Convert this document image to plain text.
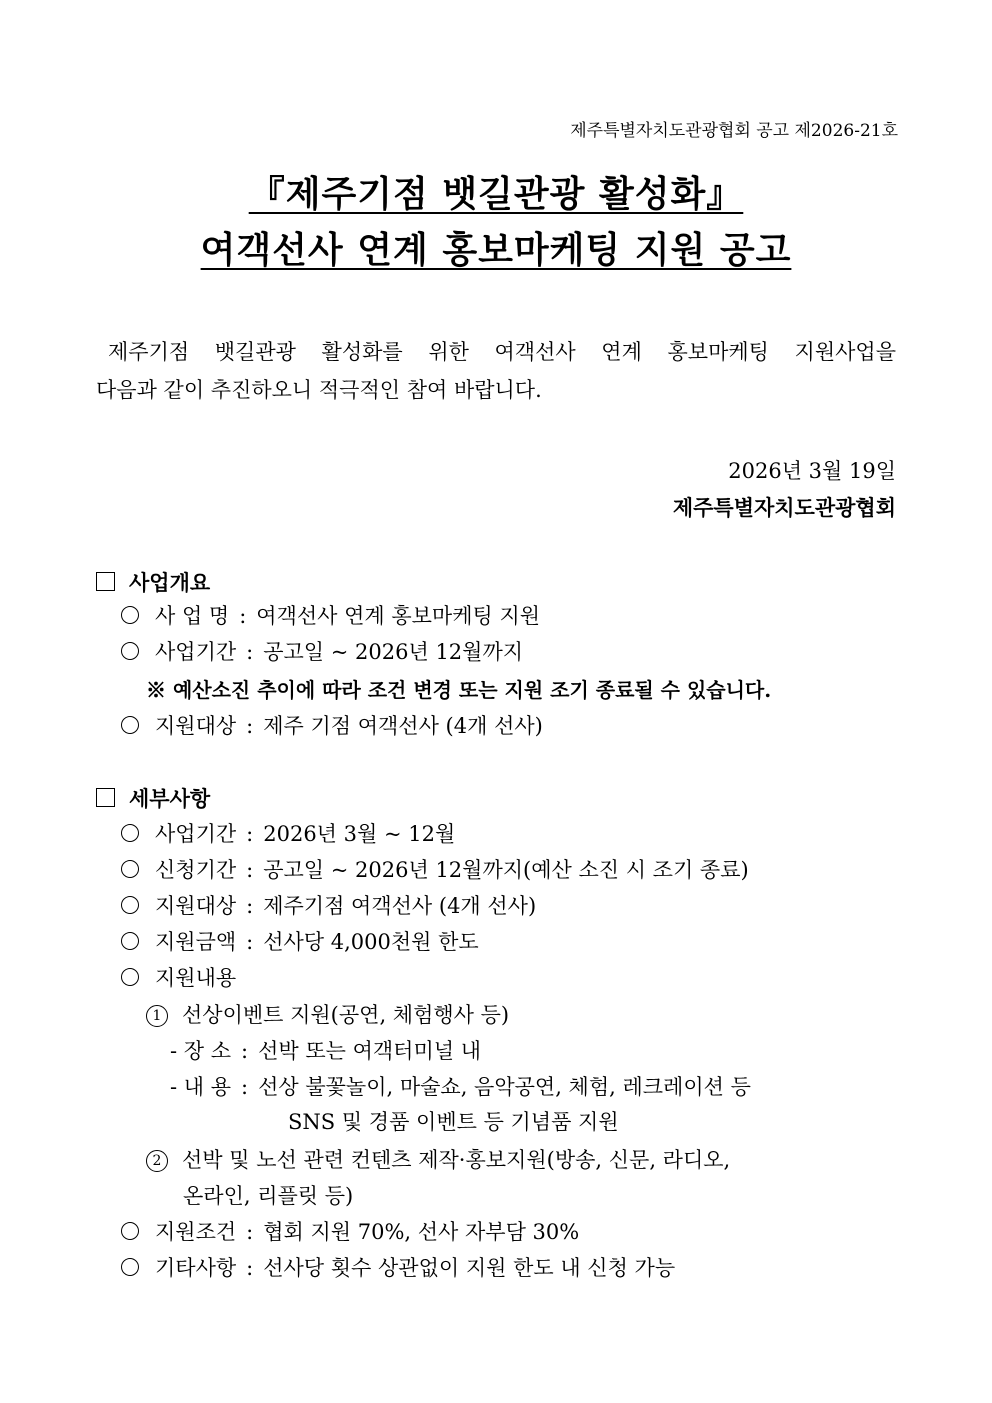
제주특별자치도관광협회 공고 제2026-21호
『제주기점 뱃길관광 활성화』
여객선사 연계 홍보마케팅 지원 공고
제주기점 뱃길관광 활성화를 위한 여객선사 연계 홍보마케팅 지원사업을
다음과 같이 추진하오니 적극적인 참여 바랍니다.
2026년 3월 19일
제주특별자치도관광협회
사업개요
사 업 명 : 여객선사 연계 홍보마케팅 지원
사업기간 : 공고일 ~ 2026년 12월까지
※ 예산소진 추이에 따라 조건 변경 또는 지원 조기 종료될 수 있습니다.
지원대상 : 제주 기점 여객선사 (4개 선사)
세부사항
사업기간 : 2026년 3월 ~ 12월
신청기간 : 공고일 ~ 2026년 12월까지(예산 소진 시 조기 종료)
지원대상 : 제주기점 여객선사 (4개 선사)
지원금액 : 선사당 4,000천원 한도
지원내용
1 선상이벤트 지원(공연, 체험행사 등)
- 장 소 : 선박 또는 여객터미널 내
- 내 용 : 선상 불꽃놀이, 마술쇼, 음악공연, 체험, 레크레이션 등
SNS 및 경품 이벤트 등 기념품 지원
2 선박 및 노선 관련 컨텐츠 제작·홍보지원(방송, 신문, 라디오,
온라인, 리플릿 등)
지원조건 : 협회 지원 70%, 선사 자부담 30%
기타사항 : 선사당 횟수 상관없이 지원 한도 내 신청 가능
